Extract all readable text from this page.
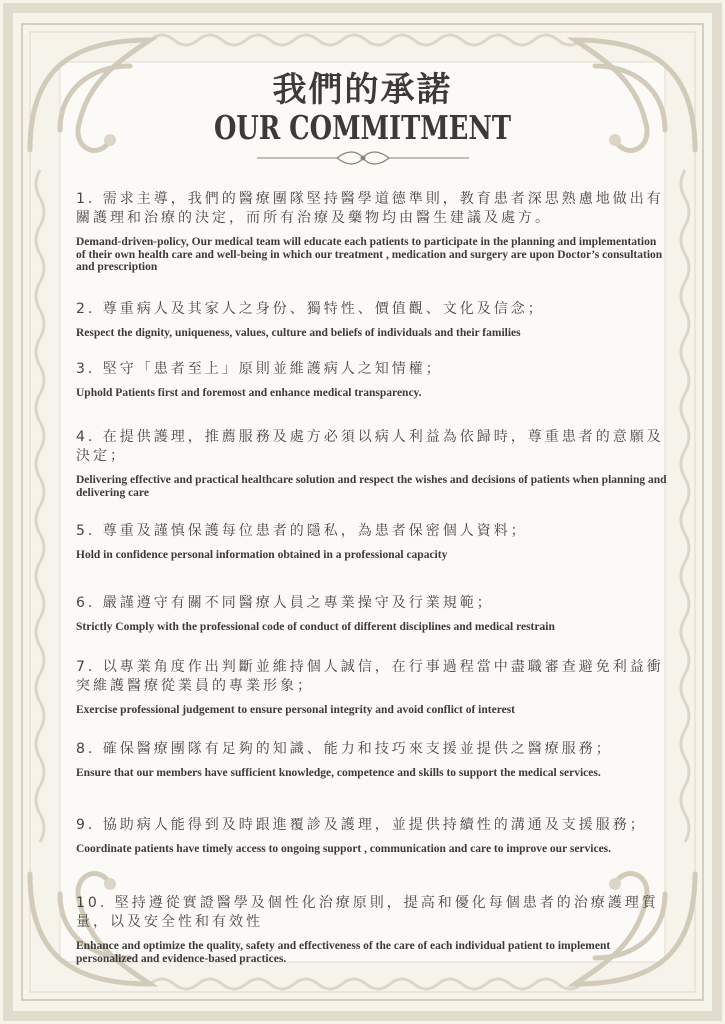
我們的承諾
OUR COMMITMENT
1. 需求主導，我們的醫療團隊堅持醫學道德準則，教育患者深思熟慮地做出有關護理和治療的決定，而所有治療及藥物均由醫生建議及處方。
Demand-driven-policy, Our medical team will educate each patients to participate in the planning and implementation of their own health care and well-being in which our treatment , medication and surgery are upon Doctor’s consultation and prescription
2. 尊重病人及其家人之身份、獨特性、價值觀、文化及信念；
Respect the dignity, uniqueness, values, culture and beliefs of individuals and their families
3. 堅守「患者至上」原則並維護病人之知情權；
Uphold Patients first and foremost and enhance medical transparency.
4. 在提供護理，推薦服務及處方必須以病人利益為依歸時，尊重患者的意願及決定；
Delivering effective and practical healthcare solution and respect the wishes and decisions of patients when planning and delivering care
5. 尊重及謹慎保護每位患者的隱私，為患者保密個人資料；
Hold in confidence personal information obtained in a professional capacity
6. 嚴謹遵守有關不同醫療人員之專業操守及行業規範；
Strictly Comply with the professional code of conduct of different disciplines and medical restrain
7. 以專業角度作出判斷並維持個人誠信，在行事過程當中盡職審查避免利益衝突維護醫療從業員的專業形象；
Exercise professional judgement to ensure personal integrity and avoid conflict of interest
8. 確保醫療團隊有足夠的知識、能力和技巧來支援並提供之醫療服務；
Ensure that our members have sufficient knowledge, competence and skills to support the medical services.
9. 協助病人能得到及時跟進覆診及護理，並提供持續性的溝通及支援服務；
Coordinate patients have timely access to ongoing support , communication and care to improve our services.
10. 堅持遵從實證醫學及個性化治療原則，提高和優化每個患者的治療護理質量，以及安全性和有效性
Enhance and optimize the quality, safety and effectiveness of the care of each individual patient to implement personalized and evidence-based practices.
